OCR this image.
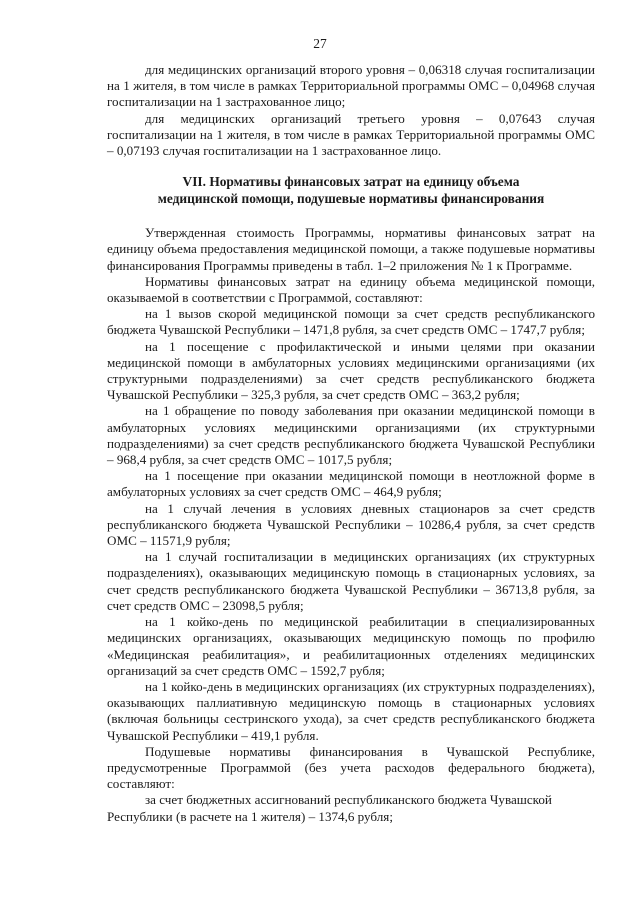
27

для медицинских организаций второго уровня – 0,06318 случая госпитализации на 1 жителя, в том числе в рамках Территориальной программы ОМС – 0,04968 случая госпитализации на 1 застрахованное лицо;

для медицинских организаций третьего уровня – 0,07643 случая госпитализации на 1 жителя, в том числе в рамках Территориальной программы ОМС – 0,07193 случая госпитализации на 1 застрахованное лицо.

VII. Нормативы финансовых затрат на единицу объема
медицинской помощи, подушевые нормативы финансирования

Утвержденная стоимость Программы, нормативы финансовых затрат на единицу объема предоставления медицинской помощи, а также подушевые нормативы финансирования Программы приведены в табл. 1–2 приложения № 1 к Программе.

Нормативы финансовых затрат на единицу объема медицинской помощи, оказываемой в соответствии с Программой, составляют:

на 1 вызов скорой медицинской помощи за счет средств республиканского бюджета Чувашской Республики – 1471,8 рубля, за счет средств ОМС – 1747,7 рубля;

на 1 посещение с профилактической и иными целями при оказании медицинской помощи в амбулаторных условиях медицинскими организациями (их структурными подразделениями) за счет средств республиканского бюджета Чувашской Республики – 325,3 рубля, за счет средств ОМС – 363,2 рубля;

на 1 обращение по поводу заболевания при оказании медицинской помощи в амбулаторных условиях медицинскими организациями (их структурными подразделениями) за счет средств республиканского бюджета Чувашской Республики – 968,4 рубля, за счет средств ОМС – 1017,5 рубля;

на 1 посещение при оказании медицинской помощи в неотложной форме в амбулаторных условиях за счет средств ОМС – 464,9 рубля;

на 1 случай лечения в условиях дневных стационаров за счет средств республиканского бюджета Чувашской Республики – 10286,4 рубля, за счет средств ОМС – 11571,9 рубля;

на 1 случай госпитализации в медицинских организациях (их структурных подразделениях), оказывающих медицинскую помощь в стационарных условиях, за счет средств республиканского бюджета Чувашской Республики – 36713,8 рубля, за счет средств ОМС – 23098,5 рубля;

на 1 койко-день по медицинской реабилитации в специализированных медицинских организациях, оказывающих медицинскую помощь по профилю «Медицинская реабилитация», и реабилитационных отделениях медицинских организаций за счет средств ОМС – 1592,7 рубля;

на 1 койко-день в медицинских организациях (их структурных подразделениях), оказывающих паллиативную медицинскую помощь в стационарных условиях (включая больницы сестринского ухода), за счет средств республиканского бюджета Чувашской Республики – 419,1 рубля.

Подушевые нормативы финансирования в Чувашской Республике, предусмотренные Программой (без учета расходов федерального бюджета), составляют:

за счет бюджетных ассигнований республиканского бюджета Чувашской Республики (в расчете на 1 жителя) – 1374,6 рубля;
